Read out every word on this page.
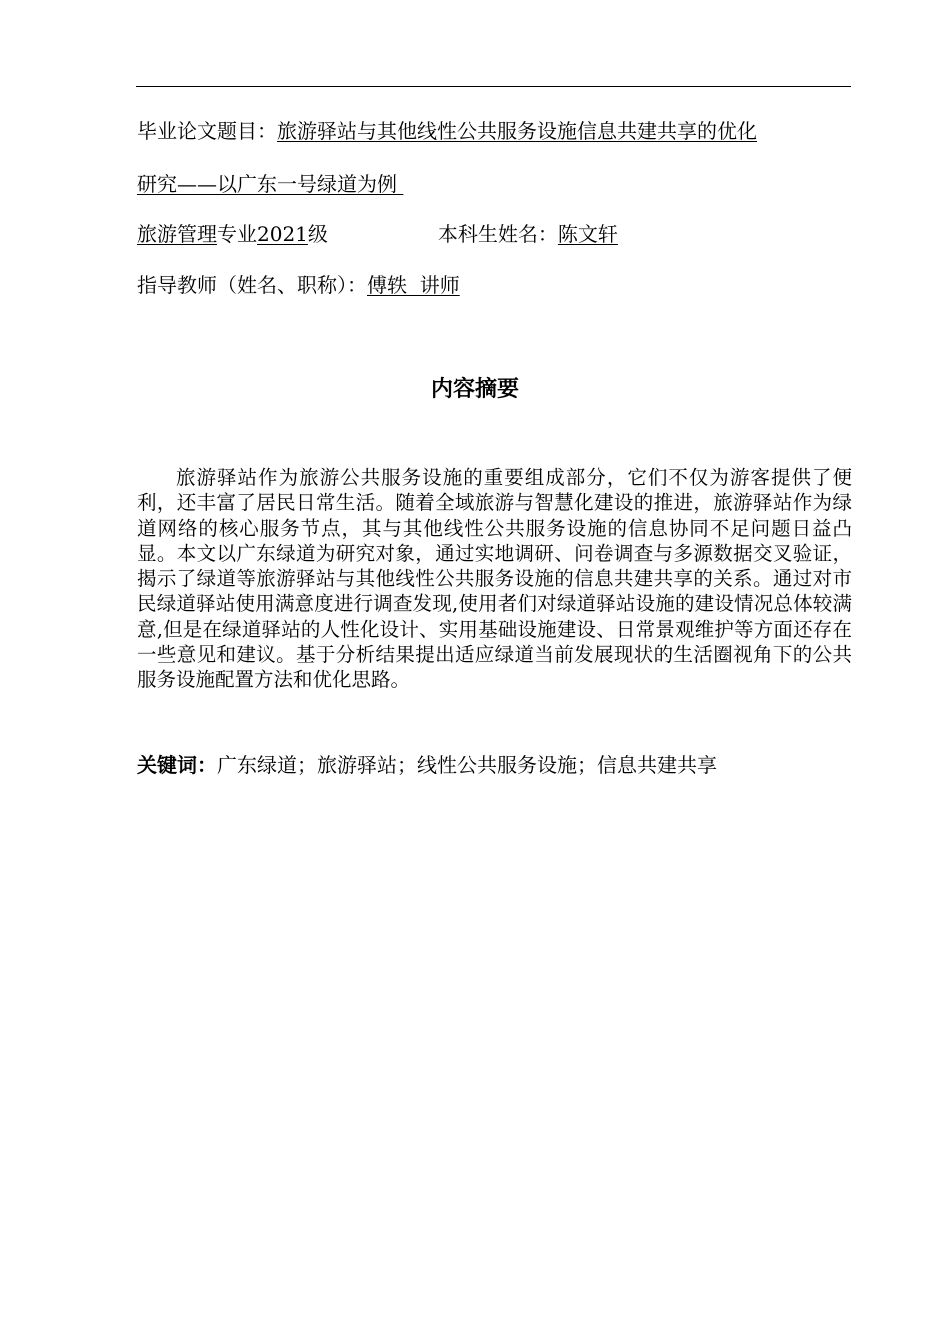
毕业论文题目：旅游驿站与其他线性公共服务设施信息共建共享的优化
研究——以广东一号绿道为例
旅游管理专业2021级	本科生姓名：陈文轩
指导教师（姓名、职称）：傅轶  讲师
内容摘要

旅游驿站作为旅游公共服务设施的重要组成部分，它们不仅为游客提供了便利，还丰富了居民日常生活。随着全域旅游与智慧化建设的推进，旅游驿站作为绿道网络的核心服务节点，其与其他线性公共服务设施的信息协同不足问题日益凸显。本文以广东绿道为研究对象，通过实地调研、问卷调查与多源数据交叉验证，揭示了绿道等旅游驿站与其他线性公共服务设施的信息共建共享的关系。通过对市民绿道驿站使用满意度进行调查发现,使用者们对绿道驿站设施的建设情况总体较满意,但是在绿道驿站的人性化设计、实用基础设施建设、日常景观维护等方面还存在一些意见和建议。基于分析结果提出适应绿道当前发展现状的生活圈视角下的公共服务设施配置方法和优化思路。

关键词：广东绿道；旅游驿站；线性公共服务设施；信息共建共享
